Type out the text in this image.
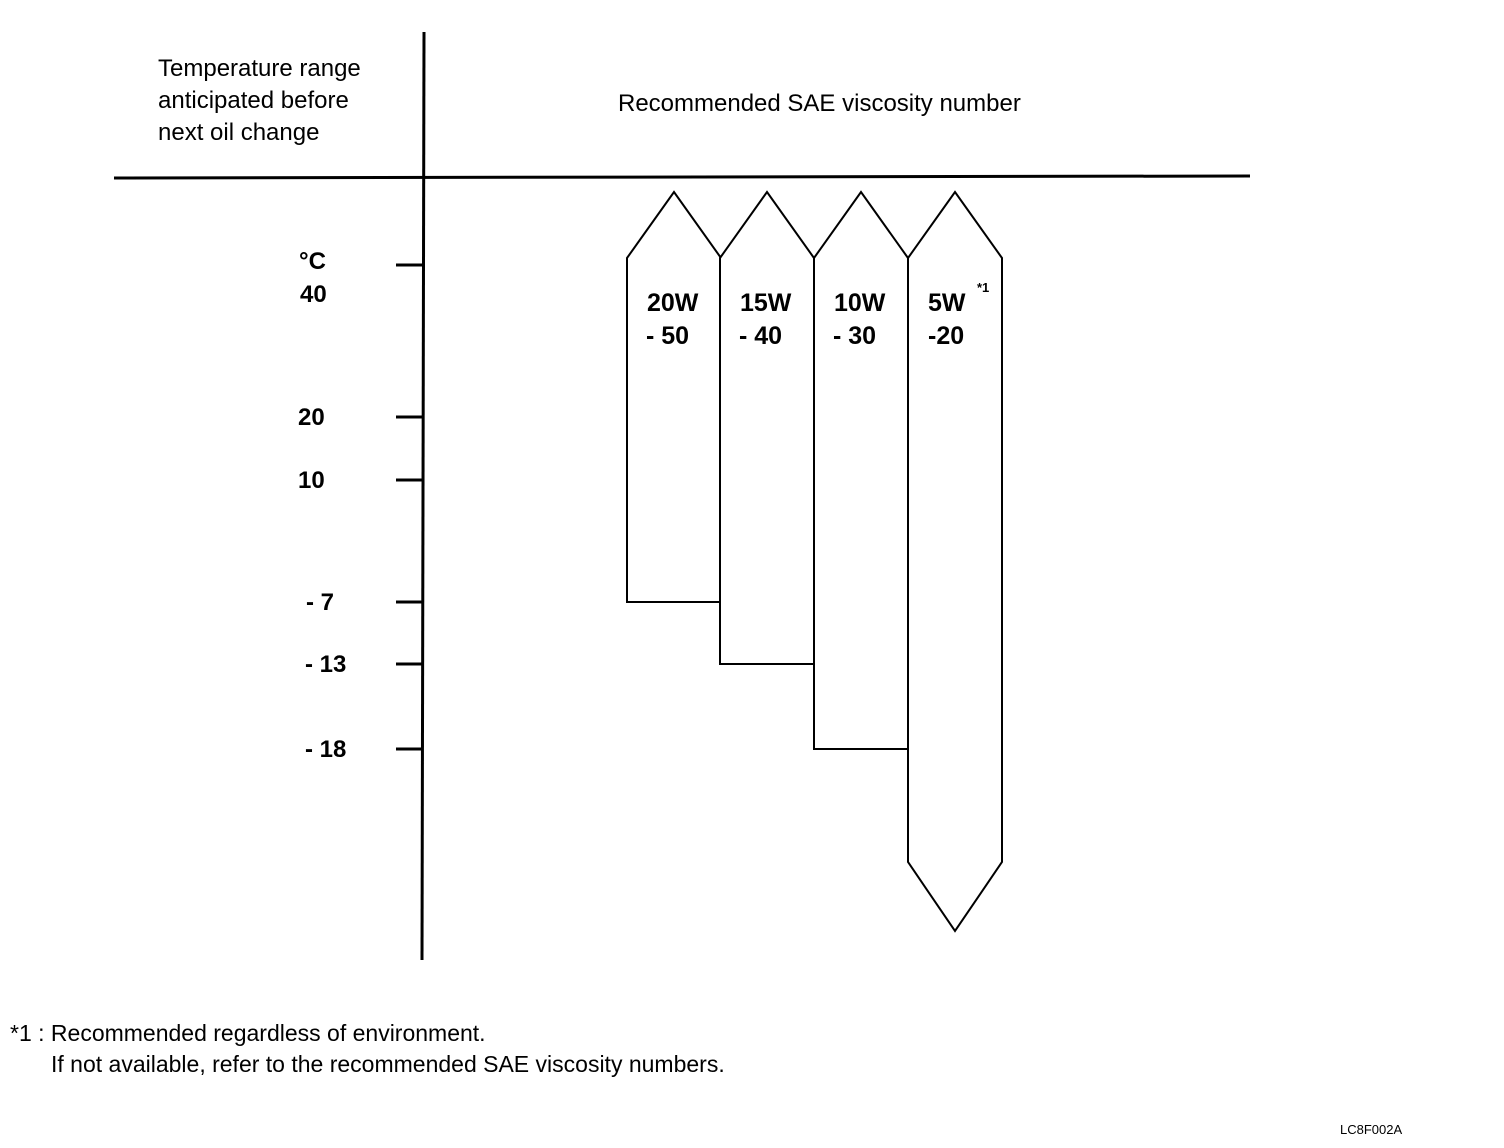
Temperature range anticipated before next oil change
Recommended SAE viscosity number
°C
40
20
10
- 7
- 13
- 18
20W
- 50
15W
- 40
10W
- 30
5W
*1
-20
*1 : Recommended regardless of environment.
If not available, refer to the recommended SAE viscosity numbers.
LC8F002A
